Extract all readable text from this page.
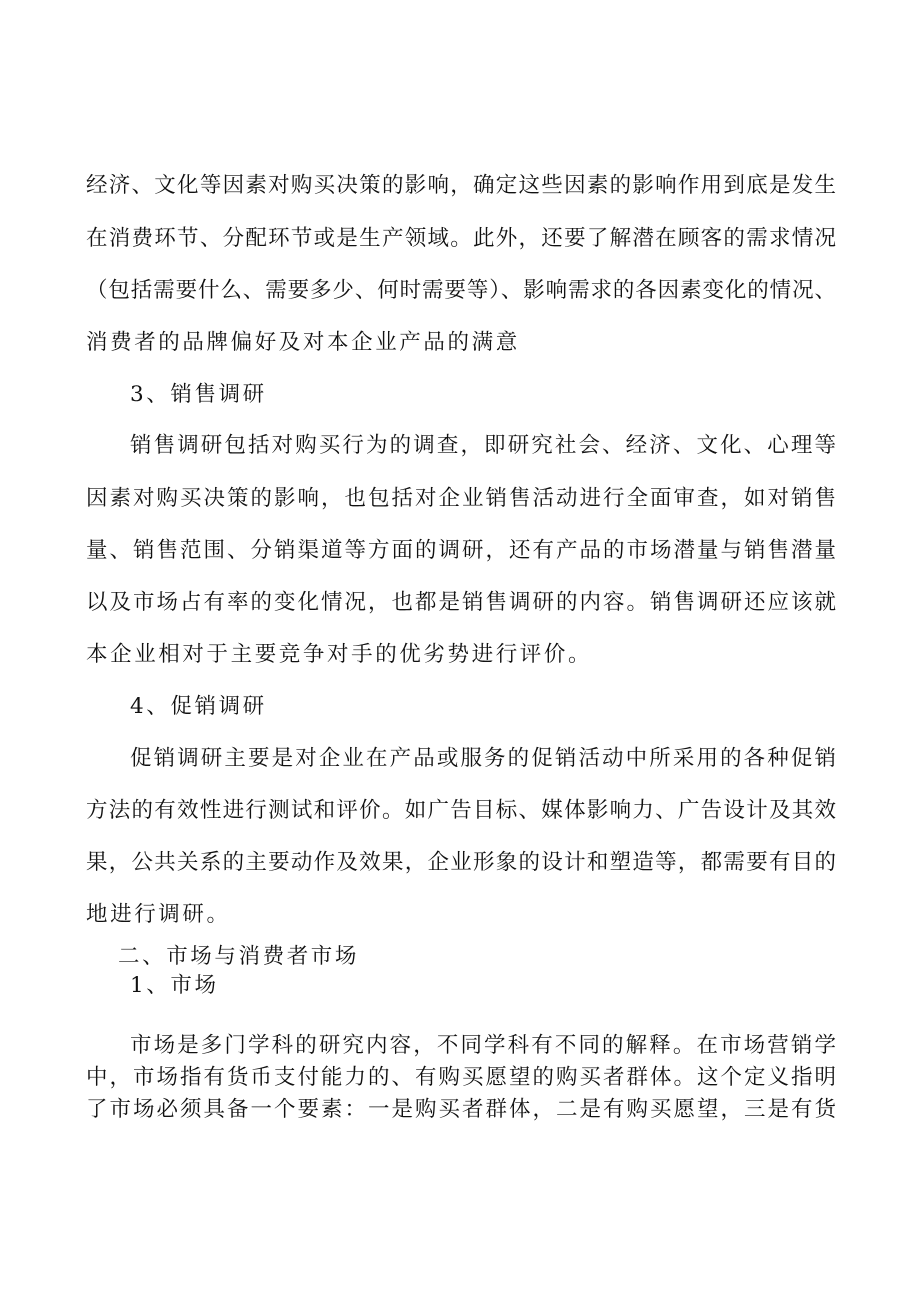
经济、文化等因素对购买决策的影响，确定这些因素的影响作用到底是发生
在消费环节、分配环节或是生产领域。此外，还要了解潜在顾客的需求情况
（包括需要什么、需要多少、何时需要等）、影响需求的各因素变化的情况、
消费者的品牌偏好及对本企业产品的满意
3、销售调研
销售调研包括对购买行为的调查，即研究社会、经济、文化、心理等
因素对购买决策的影响，也包括对企业销售活动进行全面审查，如对销售
量、销售范围、分销渠道等方面的调研，还有产品的市场潜量与销售潜量
以及市场占有率的变化情况，也都是销售调研的内容。销售调研还应该就
本企业相对于主要竞争对手的优劣势进行评价。
4、促销调研
促销调研主要是对企业在产品或服务的促销活动中所采用的各种促销
方法的有效性进行测试和评价。如广告目标、媒体影响力、广告设计及其效
果，公共关系的主要动作及效果，企业形象的设计和塑造等，都需要有目的
地进行调研。
二、市场与消费者市场
1、市场
市场是多门学科的研究内容，不同学科有不同的解释。在市场营销学
中，市场指有货币支付能力的、有购买愿望的购买者群体。这个定义指明
了市场必须具备一个要素：一是购买者群体，二是有购买愿望，三是有货
